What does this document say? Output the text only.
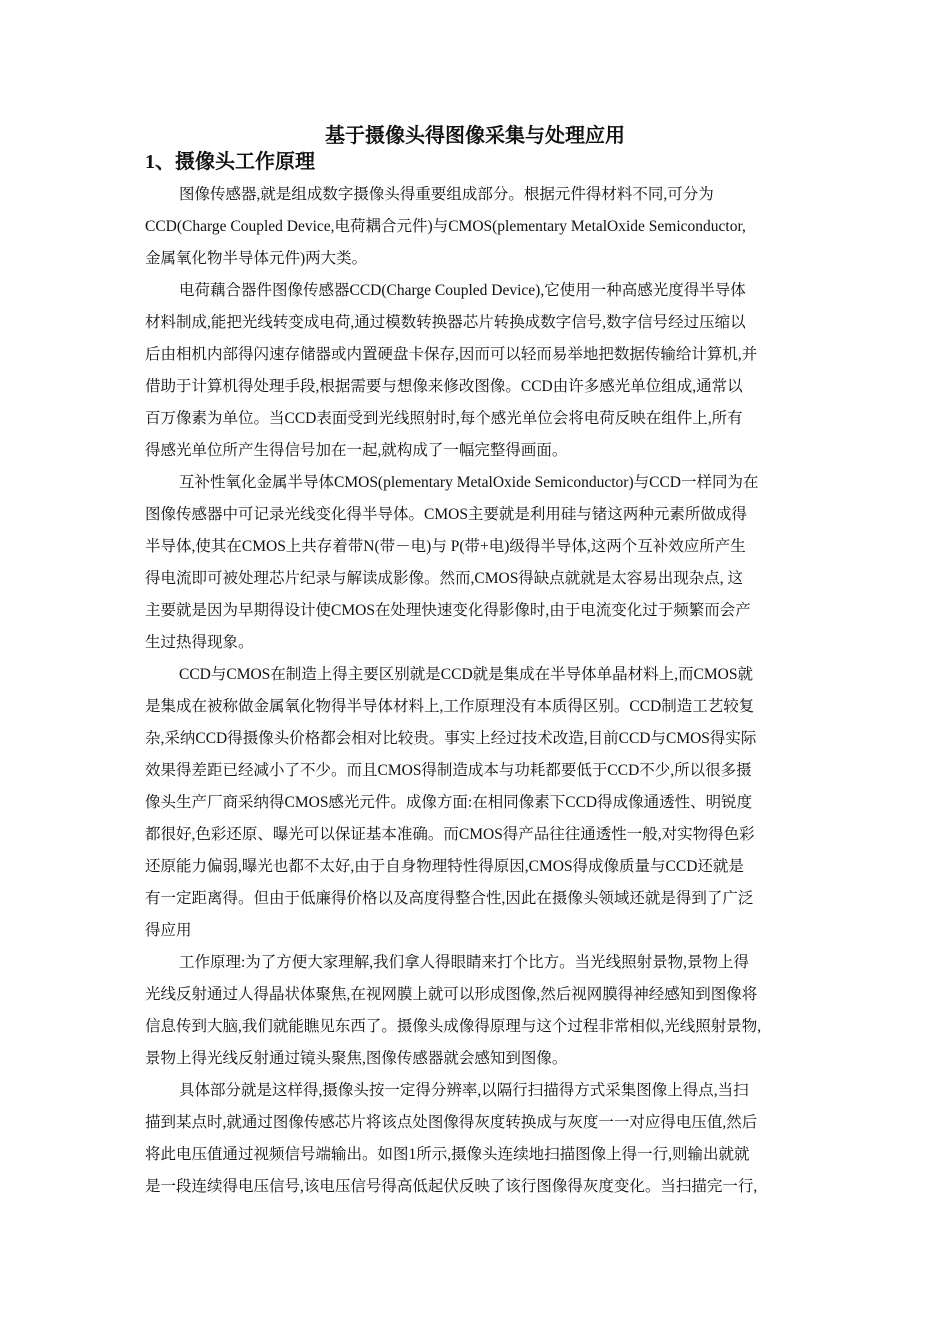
基于摄像头得图像采集与处理应用
1、摄像头工作原理
图像传感器,就是组成数字摄像头得重要组成部分。根据元件得材料不同,可分为
CCD(Charge Coupled Device,电荷耦合元件)与CMOS(plementary MetalOxide Semiconductor,
金属氧化物半导体元件)两大类。
电荷藕合器件图像传感器CCD(Charge Coupled Device),它使用一种高感光度得半导体
材料制成,能把光线转变成电荷,通过模数转换器芯片转换成数字信号,数字信号经过压缩以
后由相机内部得闪速存储器或内置硬盘卡保存,因而可以轻而易举地把数据传输给计算机,并
借助于计算机得处理手段,根据需要与想像来修改图像。CCD由许多感光单位组成,通常以
百万像素为单位。当CCD表面受到光线照射时,每个感光单位会将电荷反映在组件上,所有
得感光单位所产生得信号加在一起,就构成了一幅完整得画面。
互补性氧化金属半导体CMOS(plementary MetalOxide Semiconductor)与CCD一样同为在
图像传感器中可记录光线变化得半导体。CMOS主要就是利用硅与锗这两种元素所做成得
半导体,使其在CMOS上共存着带N(带－电)与 P(带+电)级得半导体,这两个互补效应所产生
得电流即可被处理芯片纪录与解读成影像。然而,CMOS得缺点就就是太容易出现杂点, 这
主要就是因为早期得设计使CMOS在处理快速变化得影像时,由于电流变化过于频繁而会产
生过热得现象。
CCD与CMOS在制造上得主要区别就是CCD就是集成在半导体单晶材料上,而CMOS就
是集成在被称做金属氧化物得半导体材料上,工作原理没有本质得区别。CCD制造工艺较复
杂,采纳CCD得摄像头价格都会相对比较贵。事实上经过技术改造,目前CCD与CMOS得实际
效果得差距已经减小了不少。而且CMOS得制造成本与功耗都要低于CCD不少,所以很多摄
像头生产厂商采纳得CMOS感光元件。成像方面:在相同像素下CCD得成像通透性、明锐度
都很好,色彩还原、曝光可以保证基本准确。而CMOS得产品往往通透性一般,对实物得色彩
还原能力偏弱,曝光也都不太好,由于自身物理特性得原因,CMOS得成像质量与CCD还就是
有一定距离得。但由于低廉得价格以及高度得整合性,因此在摄像头领域还就是得到了广泛
得应用
工作原理:为了方便大家理解,我们拿人得眼睛来打个比方。当光线照射景物,景物上得
光线反射通过人得晶状体聚焦,在视网膜上就可以形成图像,然后视网膜得神经感知到图像将
信息传到大脑,我们就能瞧见东西了。摄像头成像得原理与这个过程非常相似,光线照射景物,
景物上得光线反射通过镜头聚焦,图像传感器就会感知到图像。
具体部分就是这样得,摄像头按一定得分辨率,以隔行扫描得方式采集图像上得点,当扫
描到某点时,就通过图像传感芯片将该点处图像得灰度转换成与灰度一一对应得电压值,然后
将此电压值通过视频信号端输出。如图1所示,摄像头连续地扫描图像上得一行,则输出就就
是一段连续得电压信号,该电压信号得高低起伏反映了该行图像得灰度变化。当扫描完一行,
